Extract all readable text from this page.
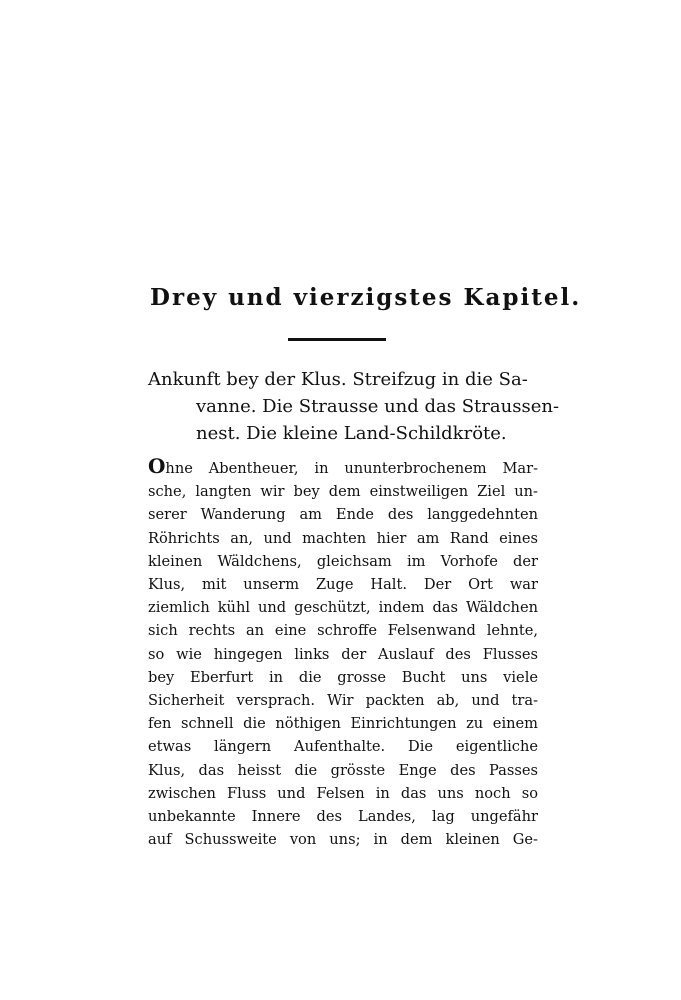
Drey und vierzigstes Kapitel.
Ankunft bey der Klus. Streifzug in die Sa-
vanne. Die Strausse und das Straussen-
nest. Die kleine Land-Schildkröte.
Ohne Abentheuer, in ununterbrochenem Mar-
sche, langten wir bey dem einstweiligen Ziel un-
serer Wanderung am Ende des langgedehnten
Röhrichts an, und machten hier am Rand eines
kleinen Wäldchens, gleichsam im Vorhofe der
Klus, mit unserm Zuge Halt. Der Ort war
ziemlich kühl und geschützt, indem das Wäldchen
sich rechts an eine schroffe Felsenwand lehnte,
so wie hingegen links der Auslauf des Flusses
bey Eberfurt in die grosse Bucht uns viele
Sicherheit versprach. Wir packten ab, und tra-
fen schnell die nöthigen Einrichtungen zu einem
etwas längern Aufenthalte. Die eigentliche
Klus, das heisst die grösste Enge des Passes
zwischen Fluss und Felsen in das uns noch so
unbekannte Innere des Landes, lag ungefähr
auf Schussweite von uns; in dem kleinen Ge-
